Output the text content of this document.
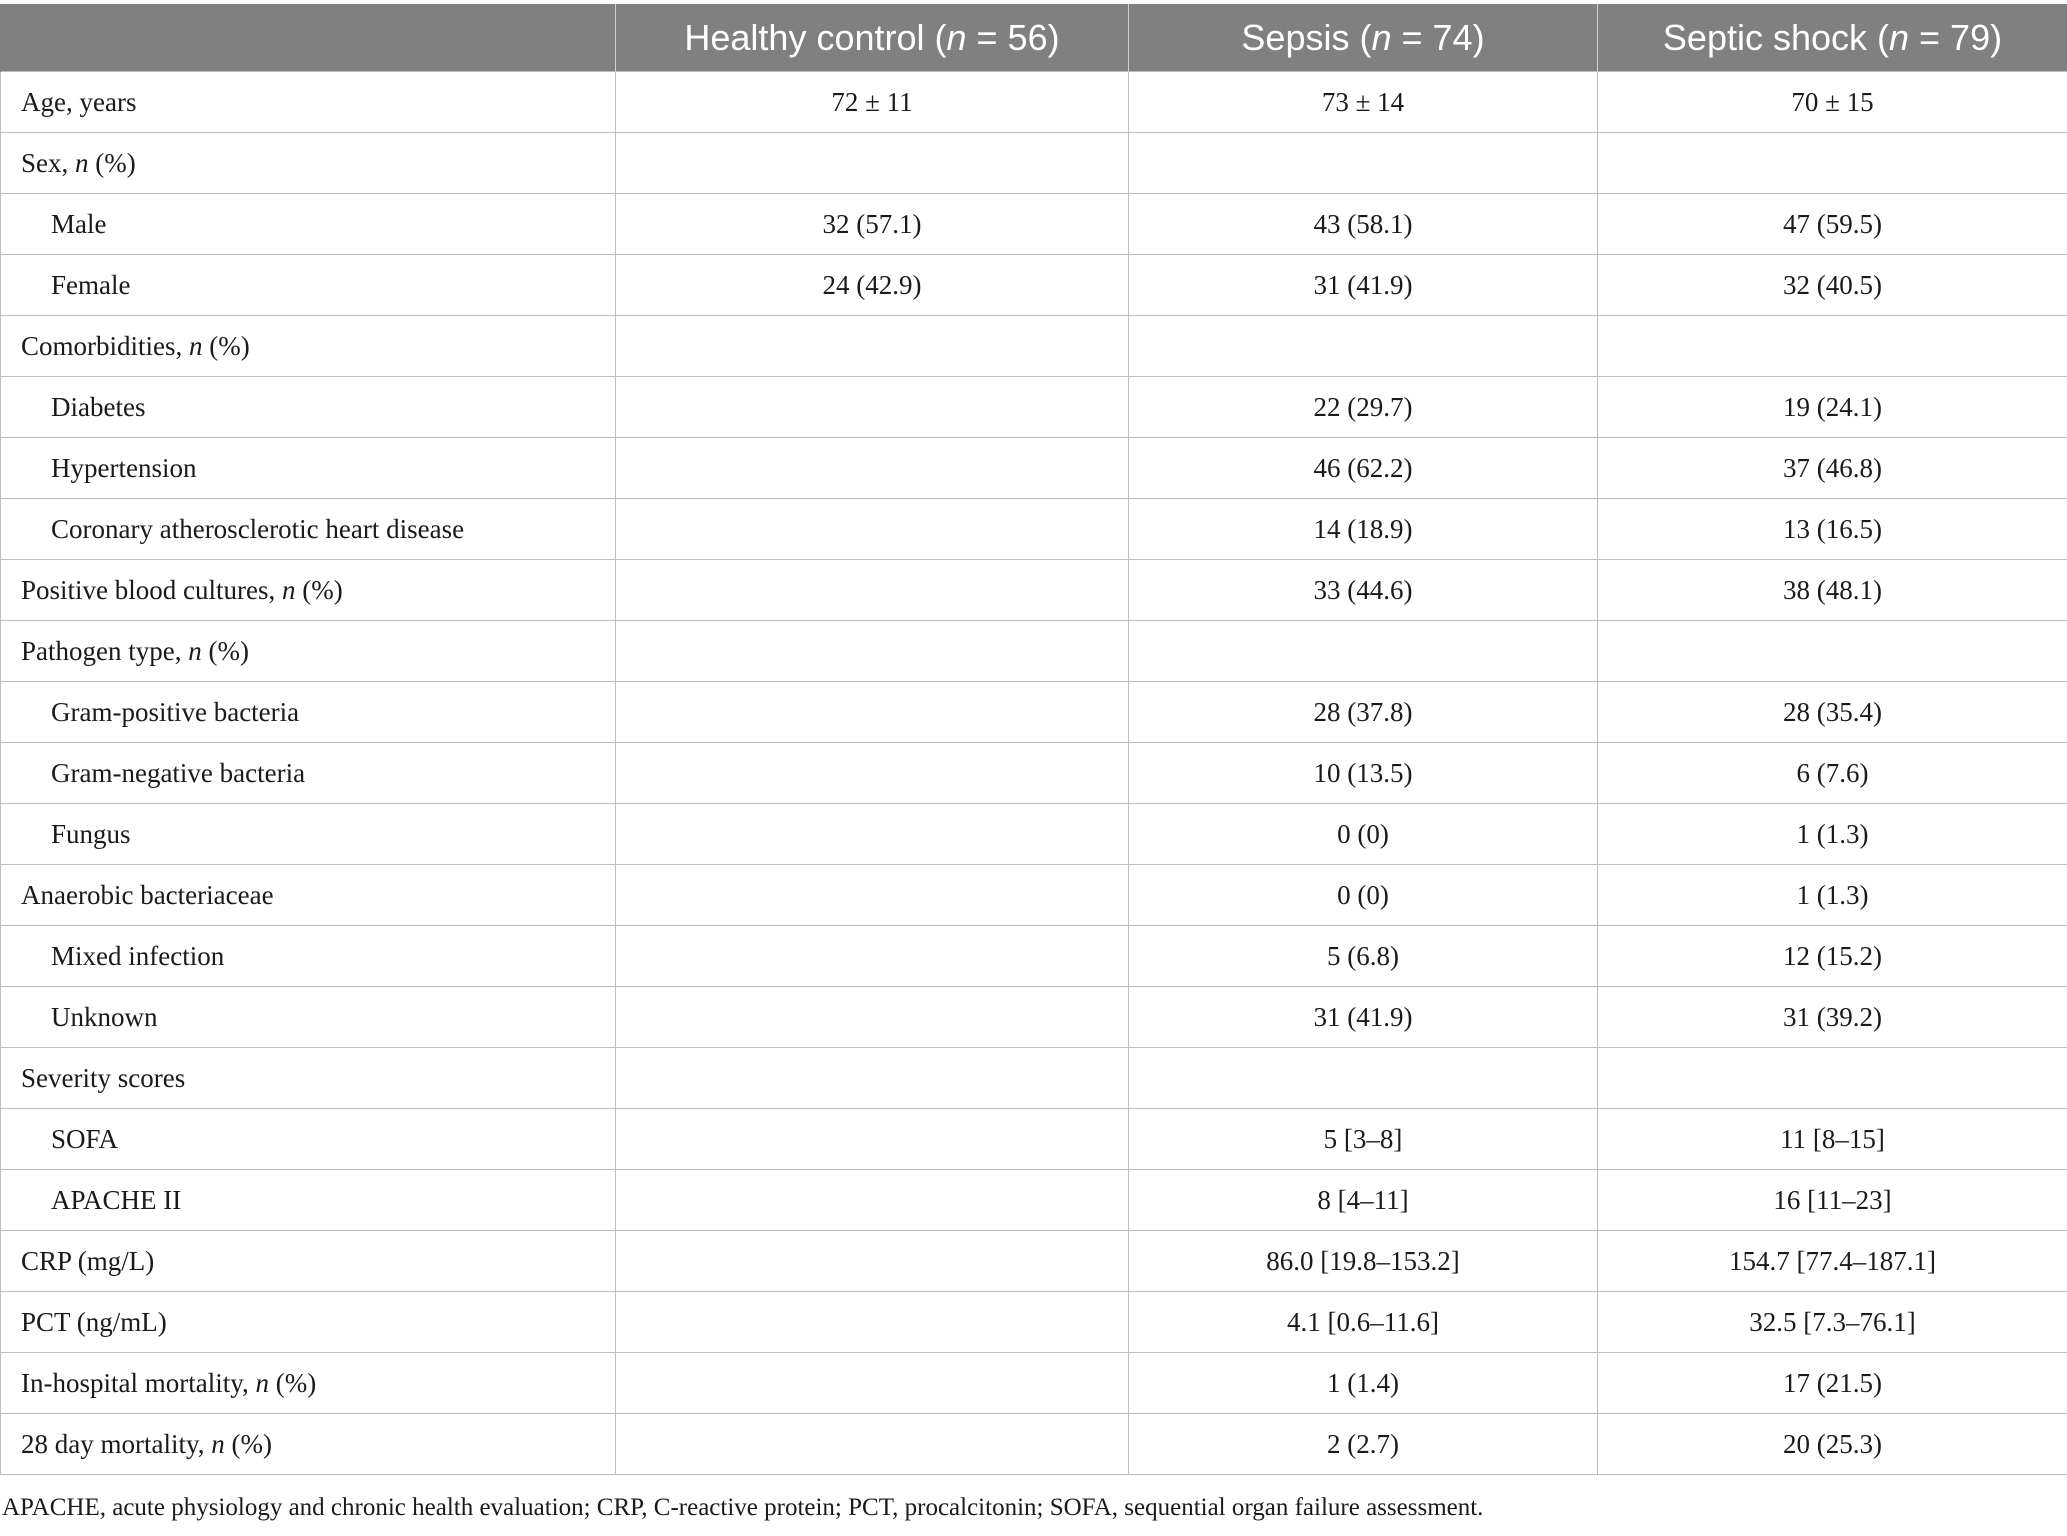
	Healthy control (n = 56)	Sepsis (n = 74)	Septic shock (n = 79)
Age, years	72 ± 11	73 ± 14	70 ± 15
Sex, n (%)			
Male	32 (57.1)	43 (58.1)	47 (59.5)
Female	24 (42.9)	31 (41.9)	32 (40.5)
Comorbidities, n (%)			
Diabetes		22 (29.7)	19 (24.1)
Hypertension		46 (62.2)	37 (46.8)
Coronary atherosclerotic heart disease		14 (18.9)	13 (16.5)
Positive blood cultures, n (%)		33 (44.6)	38 (48.1)
Pathogen type, n (%)			
Gram-positive bacteria		28 (37.8)	28 (35.4)
Gram-negative bacteria		10 (13.5)	6 (7.6)
Fungus		0 (0)	1 (1.3)
Anaerobic bacteriaceae		0 (0)	1 (1.3)
Mixed infection		5 (6.8)	12 (15.2)
Unknown		31 (41.9)	31 (39.2)
Severity scores			
SOFA		5 [3–8]	11 [8–15]
APACHE II		8 [4–11]	16 [11–23]
CRP (mg/L)		86.0 [19.8–153.2]	154.7 [77.4–187.1]
PCT (ng/mL)		4.1 [0.6–11.6]	32.5 [7.3–76.1]
In-hospital mortality, n (%)		1 (1.4)	17 (21.5)
28 day mortality, n (%)		2 (2.7)	20 (25.3)
APACHE, acute physiology and chronic health evaluation; CRP, C-reactive protein; PCT, procalcitonin; SOFA, sequential organ failure assessment.
